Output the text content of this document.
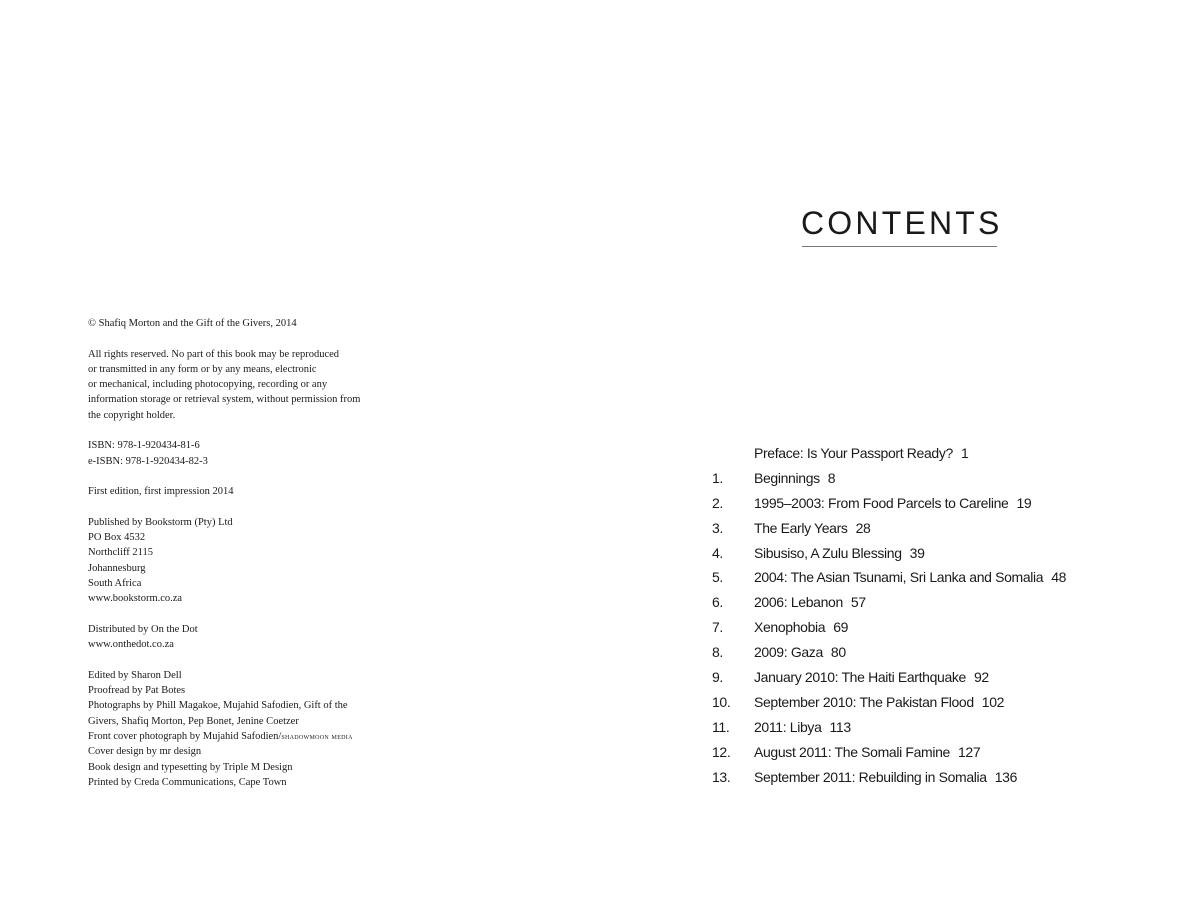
© Shafiq Morton and the Gift of the Givers, 2014

All rights reserved. No part of this book may be reproduced
or transmitted in any form or by any means, electronic
or mechanical, including photocopying, recording or any
information storage or retrieval system, without permission from
the copyright holder.

ISBN: 978-1-920434-81-6
e-ISBN: 978-1-920434-82-3

First edition, first impression 2014

Published by Bookstorm (Pty) Ltd
PO Box 4532
Northcliff 2115
Johannesburg
South Africa
www.bookstorm.co.za

Distributed by On the Dot
www.onthedot.co.za

Edited by Sharon Dell
Proofread by Pat Botes
Photographs by Phill Magakoe, Mujahid Safodien, Gift of the
Givers, Shafiq Morton, Pep Bonet, Jenine Coetzer
Front cover photograph by Mujahid Safodien/shadowmoon media
Cover design by mr design
Book design and typesetting by Triple M Design
Printed by Creda Communications, Cape Town

CONTENTS
Preface: Is Your Passport Ready? 1
1. Beginnings 8
2. 1995–2003: From Food Parcels to Careline 19
3. The Early Years 28
4. Sibusiso, A Zulu Blessing 39
5. 2004: The Asian Tsunami, Sri Lanka and Somalia 48
6. 2006: Lebanon 57
7. Xenophobia 69
8. 2009: Gaza 80
9. January 2010: The Haiti Earthquake 92
10. September 2010: The Pakistan Flood 102
11. 2011: Libya 113
12. August 2011: The Somali Famine 127
13. September 2011: Rebuilding in Somalia 136
